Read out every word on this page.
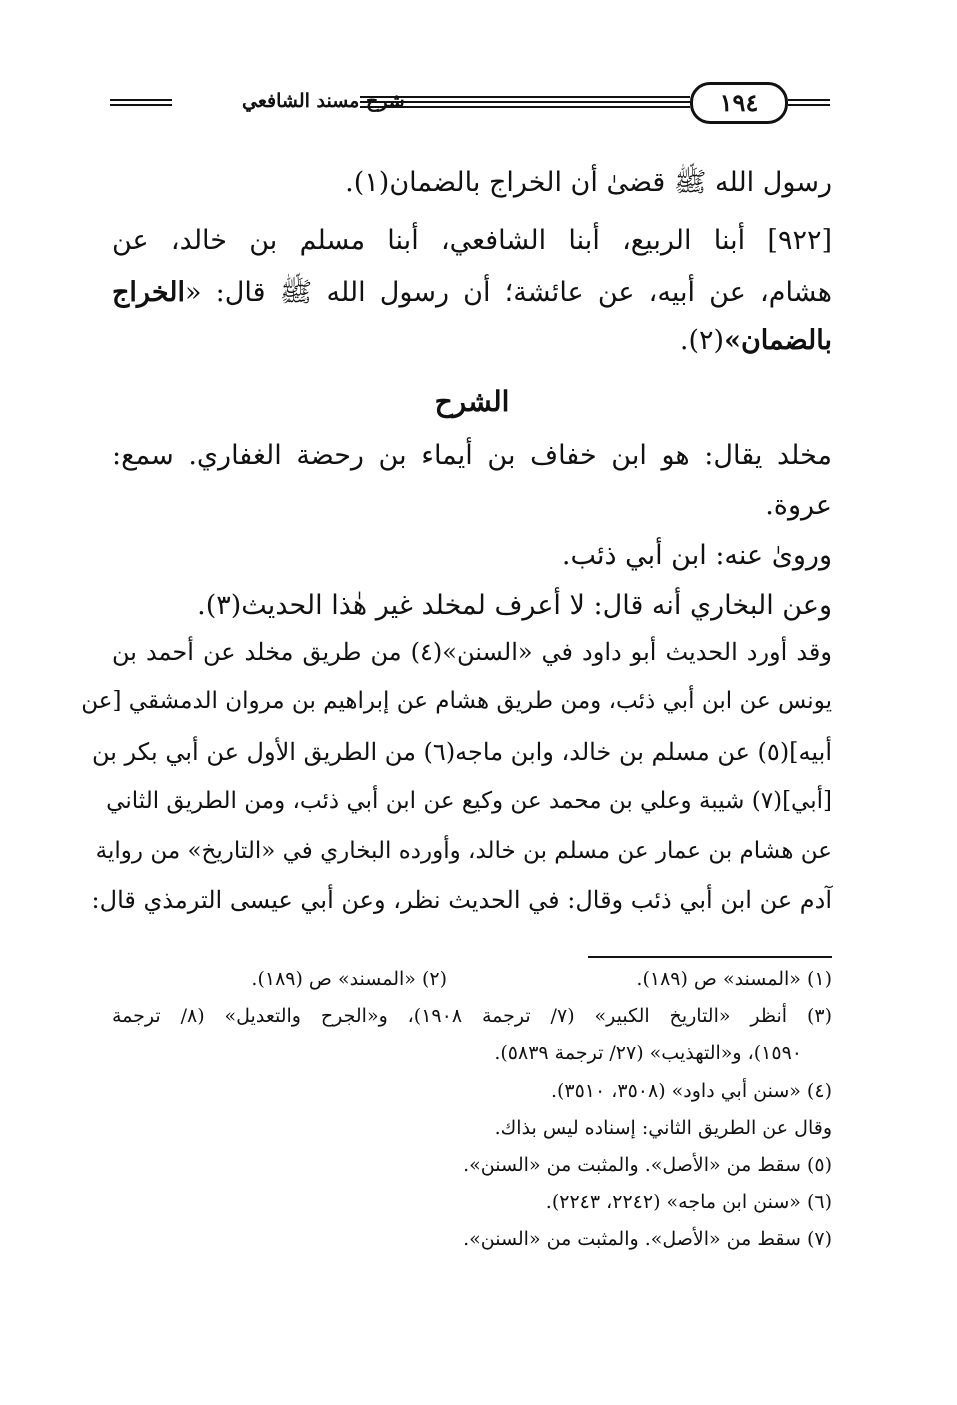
شرح مسند الشافعي	١٩٤
رسول الله ﷺ قضىٰ أن الخراج بالضمان(١).
[٩٢٢] أبنا الربيع، أبنا الشافعي، أبنا مسلم بن خالد، عن
هشام، عن أبيه، عن عائشة؛ أن رسول الله ﷺ قال: «الخراج
بالضمان»(٢).
الشرح
مخلد يقال: هو ابن خفاف بن أيماء بن رحضة الغفاري. سمع:
عروة.
وروىٰ عنه: ابن أبي ذئب.
وعن البخاري أنه قال: لا أعرف لمخلد غير هٰذا الحديث(٣).
وقد أورد الحديث أبو داود في «السنن»(٤) من طريق مخلد عن أحمد بن
يونس عن ابن أبي ذئب، ومن طريق هشام عن إبراهيم بن مروان الدمشقي [عن
أبيه](٥) عن مسلم بن خالد، وابن ماجه(٦) من الطريق الأول عن أبي بكر بن
[أبي](٧) شيبة وعلي بن محمد عن وكيع عن ابن أبي ذئب، ومن الطريق الثاني
عن هشام بن عمار عن مسلم بن خالد، وأورده البخاري في «التاريخ» من رواية
آدم عن ابن أبي ذئب وقال: في الحديث نظر، وعن أبي عيسى الترمذي قال:
(١) «المسند» ص (١٨٩).
(٢) «المسند» ص (١٨٩).
(٣) أنظر «التاريخ الكبير» (٧/ ترجمة ١٩٠٨)، و«الجرح والتعديل» (٨/ ترجمة
١٥٩٠)، و«التهذيب» (٢٧/ ترجمة ٥٨٣٩).
(٤) «سنن أبي داود» (٣٥٠٨، ٣٥١٠).
وقال عن الطريق الثاني: إسناده ليس بذاك.
(٥) سقط من «الأصل». والمثبت من «السنن».
(٦) «سنن ابن ماجه» (٢٢٤٢، ٢٢٤٣).
(٧) سقط من «الأصل». والمثبت من «السنن».
